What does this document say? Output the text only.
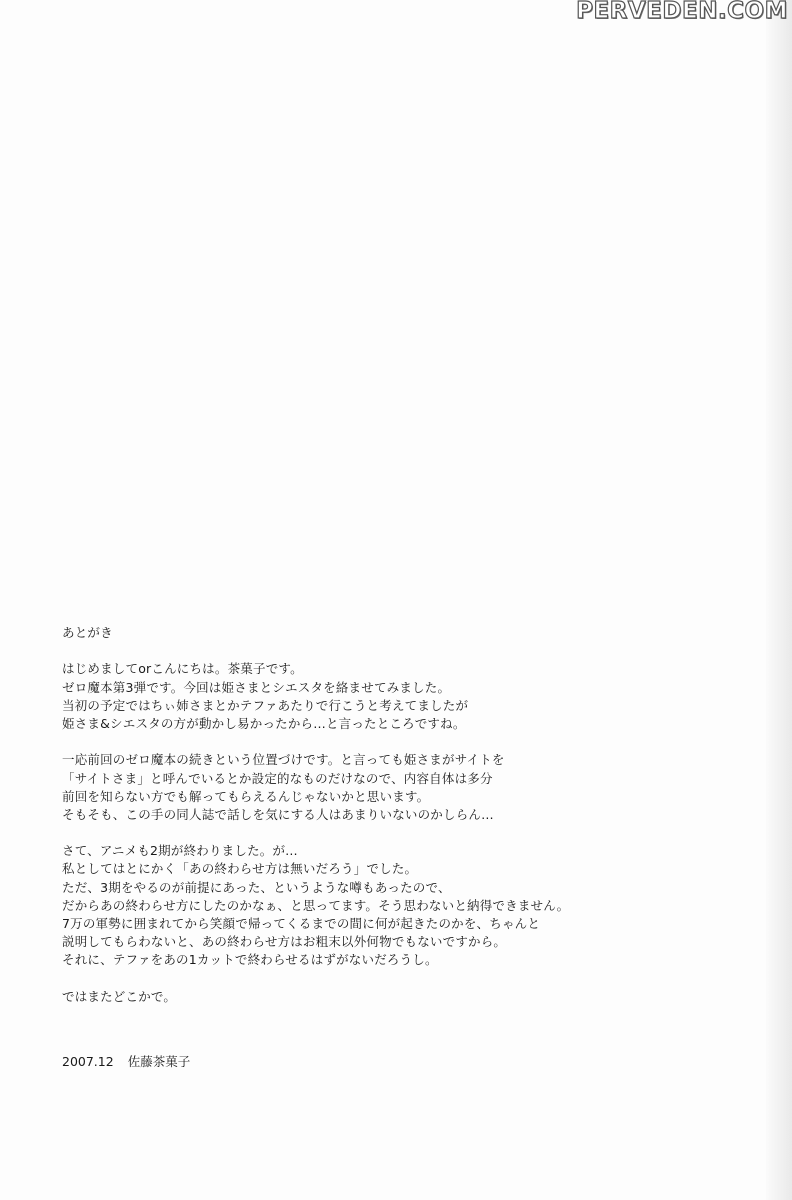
PERVEDEN.COM
あとがき
はじめましてorこんにちは。茶菓子です。
ゼロ魔本第3弾です。今回は姫さまとシエスタを絡ませてみました。
当初の予定ではちぃ姉さまとかテファあたりで行こうと考えてましたが
姫さま&シエスタの方が動かし易かったから…と言ったところですね。
一応前回のゼロ魔本の続きという位置づけです。と言っても姫さまがサイトを
「サイトさま」と呼んでいるとか設定的なものだけなので、内容自体は多分
前回を知らない方でも解ってもらえるんじゃないかと思います。
そもそも、この手の同人誌で話しを気にする人はあまりいないのかしらん…
さて、アニメも2期が終わりました。が…
私としてはとにかく「あの終わらせ方は無いだろう」でした。
ただ、3期をやるのが前提にあった、というような噂もあったので、
だからあの終わらせ方にしたのかなぁ、と思ってます。そう思わないと納得できません。
7万の軍勢に囲まれてから笑顔で帰ってくるまでの間に何が起きたのかを、ちゃんと
説明してもらわないと、あの終わらせ方はお粗末以外何物でもないですから。
それに、テファをあの1カットで終わらせるはずがないだろうし。
ではまたどこかで。
2007.12 佐藤茶菓子
